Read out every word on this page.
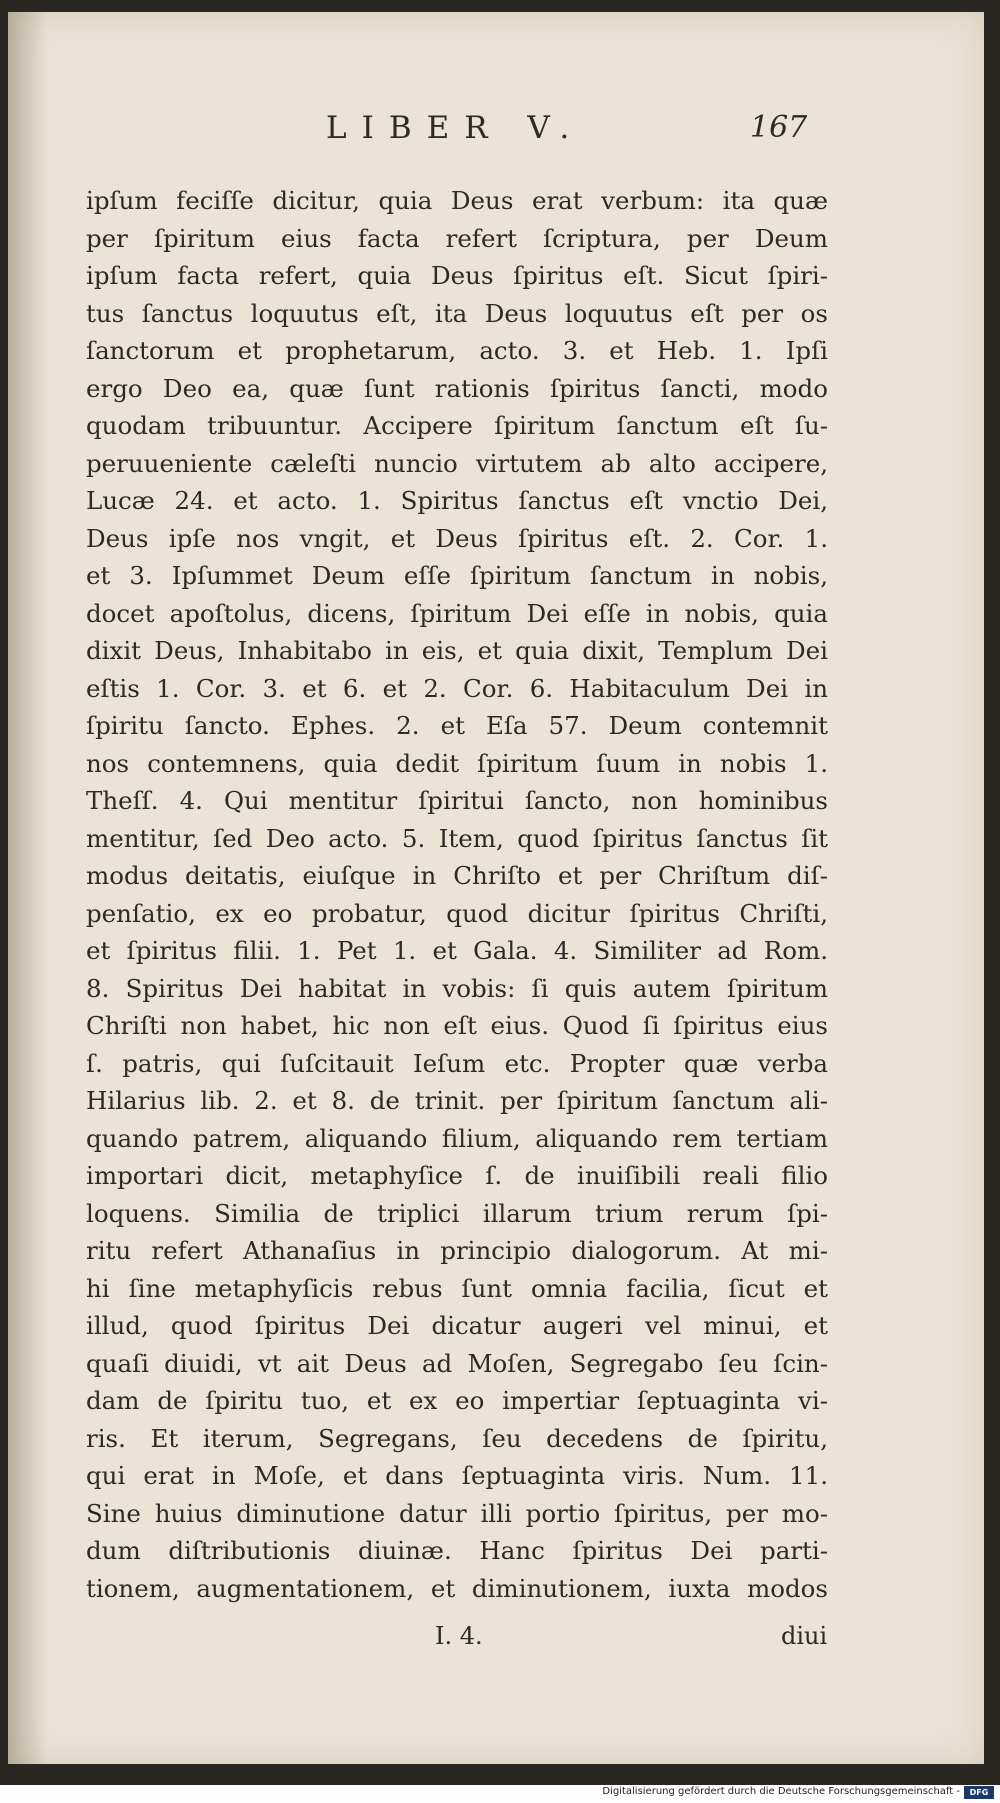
LIBER V.	167
ipſum feciſſe dicitur, quia Deus erat verbum: ita quæ
per ſpiritum eius facta refert ſcriptura, per Deum
ipſum facta refert, quia Deus ſpiritus eſt. Sicut ſpiri-
tus ſanctus loquutus eſt, ita Deus loquutus eſt per os
ſanctorum et prophetarum, acto. 3. et Heb. 1. Ipſi
ergo Deo ea, quæ ſunt rationis ſpiritus ſancti, modo
quodam tribuuntur. Accipere ſpiritum ſanctum eſt ſu-
peruueniente cæleſti nuncio virtutem ab alto accipere,
Lucæ 24. et acto. 1. Spiritus ſanctus eſt vnctio Dei,
Deus ipſe nos vngit, et Deus ſpiritus eſt. 2. Cor. 1.
et 3. Ipſummet Deum eſſe ſpiritum ſanctum in nobis,
docet apoſtolus, dicens, ſpiritum Dei eſſe in nobis, quia
dixit Deus, Inhabitabo in eis, et quia dixit, Templum Dei
eſtis 1. Cor. 3. et 6. et 2. Cor. 6. Habitaculum Dei in
ſpiritu ſancto. Ephes. 2. et Eſa 57. Deum contemnit
nos contemnens, quia dedit ſpiritum ſuum in nobis 1.
Theſſ. 4. Qui mentitur ſpiritui ſancto, non hominibus
mentitur, ſed Deo acto. 5. Item, quod ſpiritus ſanctus ſit
modus deitatis, eiuſque in Chriſto et per Chriſtum diſ-
penſatio, ex eo probatur, quod dicitur ſpiritus Chriſti,
et ſpiritus filii. 1. Pet 1. et Gala. 4. Similiter ad Rom.
8. Spiritus Dei habitat in vobis: ſi quis autem ſpiritum
Chriſti non habet, hic non eſt eius. Quod ſi ſpiritus eius
ſ. patris, qui ſuſcitauit Ieſum etc. Propter quæ verba
Hilarius lib. 2. et 8. de trinit. per ſpiritum ſanctum ali-
quando patrem, aliquando filium, aliquando rem tertiam
importari dicit, metaphyſice ſ. de inuiſibili reali filio
loquens. Similia de triplici illarum trium rerum ſpi-
ritu refert Athanaſius in principio dialogorum. At mi-
hi ſine metaphyſicis rebus ſunt omnia facilia, ſicut et
illud, quod ſpiritus Dei dicatur augeri vel minui, et
quaſi diuidi, vt ait Deus ad Moſen, Segregabo ſeu ſcin-
dam de ſpiritu tuo, et ex eo impertiar ſeptuaginta vi-
ris. Et iterum, Segregans, ſeu decedens de ſpiritu,
qui erat in Moſe, et dans ſeptuaginta viris. Num. 11.
Sine huius diminutione datur illi portio ſpiritus, per mo-
dum diſtributionis diuinæ. Hanc ſpiritus Dei parti-
tionem, augmentationem, et diminutionem, iuxta modos
I. 4.	diui
Digitalisierung gefördert durch die Deutsche Forschungsgemeinschaft -	DFG
